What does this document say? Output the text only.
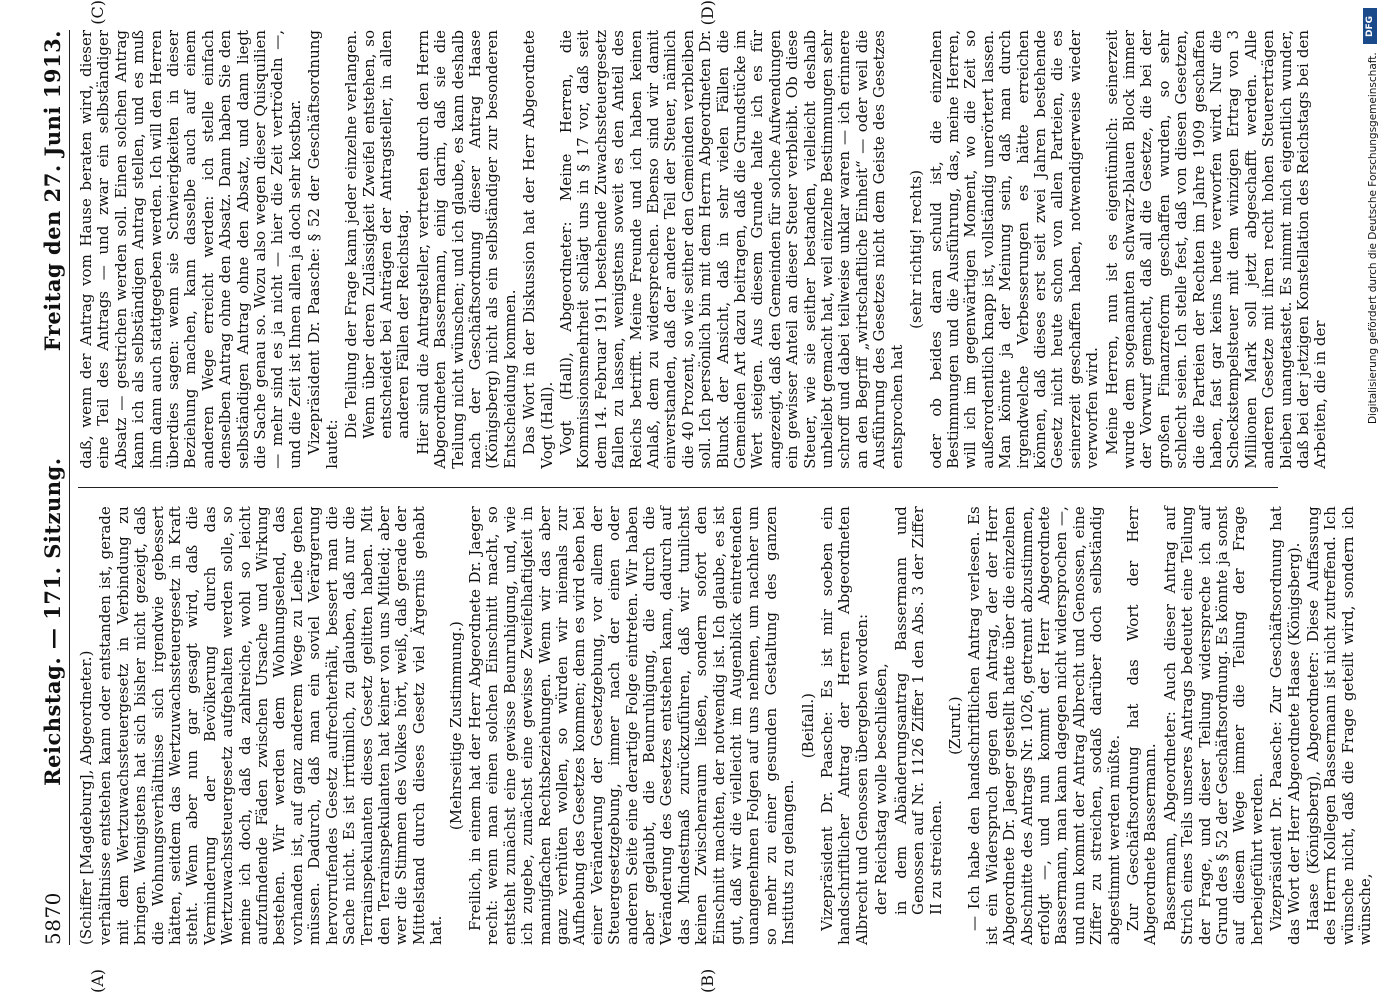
5870
Reichstag. — 171. Sitzung.
Freitag den 27. Juni 1913.

(Schiffer [Magdeburg], Abgeordneter.) verhältnisse entstehen kann oder entstanden ist, gerade mit dem Wertzuwachssteuergesetz in Verbindung zu bringen. Wenigstens hat sich bisher nicht gezeigt, daß die Wohnungsverhältnisse sich irgendwie gebessert hätten, seitdem das Wertzuwachssteuergesetz in Kraft steht. Wenn aber nun gar gesagt wird, daß die Verminderung der Bevölkerung durch das Wertzuwachssteuergesetz aufgehalten werden solle, so meine ich doch, daß da zahlreiche, wohl so leicht aufzufindende Fäden zwischen Ursache und Wirkung bestehen. Wir werden dem Wohnungselend, das vorhanden ist, auf ganz anderem Wege zu Leibe gehen müssen. Dadurch, daß man ein soviel Verärgerung hervorrufendes Gesetz aufrechterhält, bessert man die Sache nicht. Es ist irrtümlich, zu glauben, daß nur die Terrainspekulanten dieses Gesetz gelitten haben. Mit den Terrainspekulanten hat keiner von uns Mitleid; aber wer die Stimmen des Volkes hört, weiß, daß gerade der Mittelstand durch dieses Gesetz viel Ärgernis gehabt hat.

(Mehrseitige Zustimmung.) Freilich, in einem hat der Herr Abgeordnete Dr. Jaeger recht: wenn man einen solchen Einschnitt macht, so entsteht zunächst eine gewisse Beunruhigung, und, wie ich zugebe, zunächst eine gewisse Zweifelhaftigkeit in mannigfachen Rechtsbeziehungen. Wenn wir das aber ganz verhüten wollen, so würden wir niemals zur Aufhebung des Gesetzes kommen; denn es wird eben bei einer Veränderung der Gesetzgebung, vor allem der Steuergesetzgebung, immer nach der einen oder anderen Seite eine derartige Folge eintreten. Wir haben aber geglaubt, die Beunruhigung, die durch die Veränderung des Gesetzes entstehen kann, dadurch auf das Mindestmaß zurückzuführen, daß wir tunlichst keinen Zwischenraum ließen, sondern sofort den Einschnitt machten, der notwendig ist. Ich glaube, es ist gut, daß wir die vielleicht im Augenblick eintretenden unangenehmen Folgen auf uns nehmen, um nachher um so mehr zu einer gesunden Gestaltung des ganzen Instituts zu gelangen.

(Beifall.) Vizepräsident Dr. Paasche: Es ist mir soeben ein handschriftlicher Antrag der Herren Abgeordneten Albrecht und Genossen übergeben worden: der Reichstag wolle beschließen, in dem Abänderungsantrag Bassermann und Genossen auf Nr. 1126 Ziffer 1 den Abs. 3 der Ziffer II zu streichen.

(Zuruf.) — Ich habe den handschriftlichen Antrag verlesen. Es ist ein Widerspruch gegen den Antrag, der der Herr Abgeordnete Dr. Jaeger gestellt hatte über die einzelnen Abschnitte des Antrags Nr. 1026, getrennt abzustimmen, erfolgt —, und nun kommt der Herr Abgeordnete Bassermann, man kann dagegen nicht widersprochen —, und nun kommt der Antrag Albrecht und Genossen, eine Ziffer zu streichen, sodaß darüber doch selbständig abgestimmt werden müßte. Zur Geschäftsordnung hat das Wort der Herr Abgeordnete Bassermann. Bassermann, Abgeordneter: Auch dieser Antrag auf Strich eines Teils unseres Antrags bedeutet eine Teilung der Frage, und dieser Teilung widerspreche ich auf Grund des § 52 der Geschäftsordnung. Es könnte ja sonst auf diesem Wege immer die Teilung der Frage herbeigeführt werden. Vizepräsident Dr. Paasche: Zur Geschäftsordnung hat das Wort der Herr Abgeordnete Haase (Königsberg). Haase (Königsberg), Abgeordneter: Diese Auffassung des Herrn Kollegen Bassermann ist nicht zutreffend. Ich wünsche nicht, daß die Frage geteilt wird, sondern ich wünsche,

daß, wenn der Antrag vom Hause beraten wird, dieser eine Teil des Antrags — und zwar ein selbständiger Absatz — gestrichen werden soll. Einen solchen Antrag kann ich als selbständigen Antrag stellen, und es muß ihm dann auch stattgegeben werden. Ich will den Herren überdies sagen: wenn sie Schwierigkeiten in dieser Beziehung machen, kann dasselbe auch auf einem anderen Wege erreicht werden: ich stelle einfach denselben Antrag ohne den Absatz. Dann haben Sie den selbständigen Antrag ohne den Absatz, und dann liegt die Sache genau so. Wozu also wegen dieser Quisquilien — mehr sind es ja nicht — hier die Zeit vertrödeln —, und die Zeit ist Ihnen allen ja doch sehr kostbar. Vizepräsident Dr. Paasche: § 52 der Geschäftsordnung lautet:

Die Teilung der Frage kann jeder einzelne verlangen. Wenn über deren Zulässigkeit Zweifel entstehen, so entscheidet bei Anträgen der Antragsteller, in allen anderen Fällen der Reichstag. Hier sind die Antragsteller, vertreten durch den Herrn Abgeordneten Bassermann, einig darin, daß sie die Teilung nicht wünschen; und ich glaube, es kann deshalb nach der Geschäftsordnung dieser Antrag Haase (Königsberg) nicht als ein selbständiger zur besonderen Entscheidung kommen. Das Wort in der Diskussion hat der Herr Abgeordnete Vogt (Hall). Vogt (Hall), Abgeordneter: Meine Herren, die Kommissionsmehrheit schlägt uns in § 17 vor, daß seit dem 14. Februar 1911 bestehende Zuwachssteuergesetz fallen zu lassen, wenigstens soweit es den Anteil des Reichs betrifft. Meine Freunde und ich haben keinen Anlaß, dem zu widersprechen. Ebenso sind wir damit einverstanden, daß der andere Teil der Steuer, nämlich die 40 Prozent, so wie seither den Gemeinden verbleiben soll. Ich persönlich bin mit dem Herrn Abgeordneten Dr. Blunck der Ansicht, daß in sehr vielen Fällen die Gemeinden Art dazu beitragen, daß die Grundstücke im Wert steigen. Aus diesem Grunde halte ich es für angezeigt, daß den Gemeinden für solche Aufwendungen ein gewisser Anteil an dieser Steuer verbleibt. Ob diese Steuer, wie sie seither bestanden, vielleicht deshalb unbeliebt gemacht hat, weil einzelne Bestimmungen sehr schroff und dabei teilweise unklar waren — ich erinnere an den Begriff „wirtschaftliche Einheit“ — oder weil die Ausführung des Gesetzes nicht dem Geiste des Gesetzes entsprochen hat

(sehr richtig! rechts) oder ob beides daran schuld ist, die einzelnen Bestimmungen und die Ausführung, das, meine Herren, will ich im gegenwärtigen Moment, wo die Zeit so außerordentlich knapp ist, vollständig unerörtert lassen. Man könnte ja der Meinung sein, daß man durch irgendwelche Verbesserungen es hätte erreichen können, daß dieses erst seit zwei Jahren bestehende Gesetz nicht heute schon von allen Parteien, die es seinerzeit geschaffen haben, notwendigerweise wieder verworfen wird. Meine Herren, nun ist es eigentümlich: seinerzeit wurde dem sogenannten schwarz-blauen Block immer der Vorwurf gemacht, daß all die Gesetze, die bei der großen Finanzreform geschaffen wurden, so sehr schlecht seien. Ich stelle fest, daß von diesen Gesetzen, die die Parteien der Rechten im Jahre 1909 geschaffen haben, fast gar keins heute verworfen wird. Nur die Scheckstempelsteuer mit dem winzigen Ertrag von 3 Millionen Mark soll jetzt abgeschafft werden. Alle anderen Gesetze mit ihren recht hohen Steuererträgen bleiben unangetastet. Es nimmt mich eigentlich wunder, daß bei der jetzigen Konstellation des Reichstags bei den Arbeiten, die in der

(A)	(B)
(C)	(D)
DFG
Digitalisierung gefördert durch die Deutsche Forschungsgemeinschaft.
